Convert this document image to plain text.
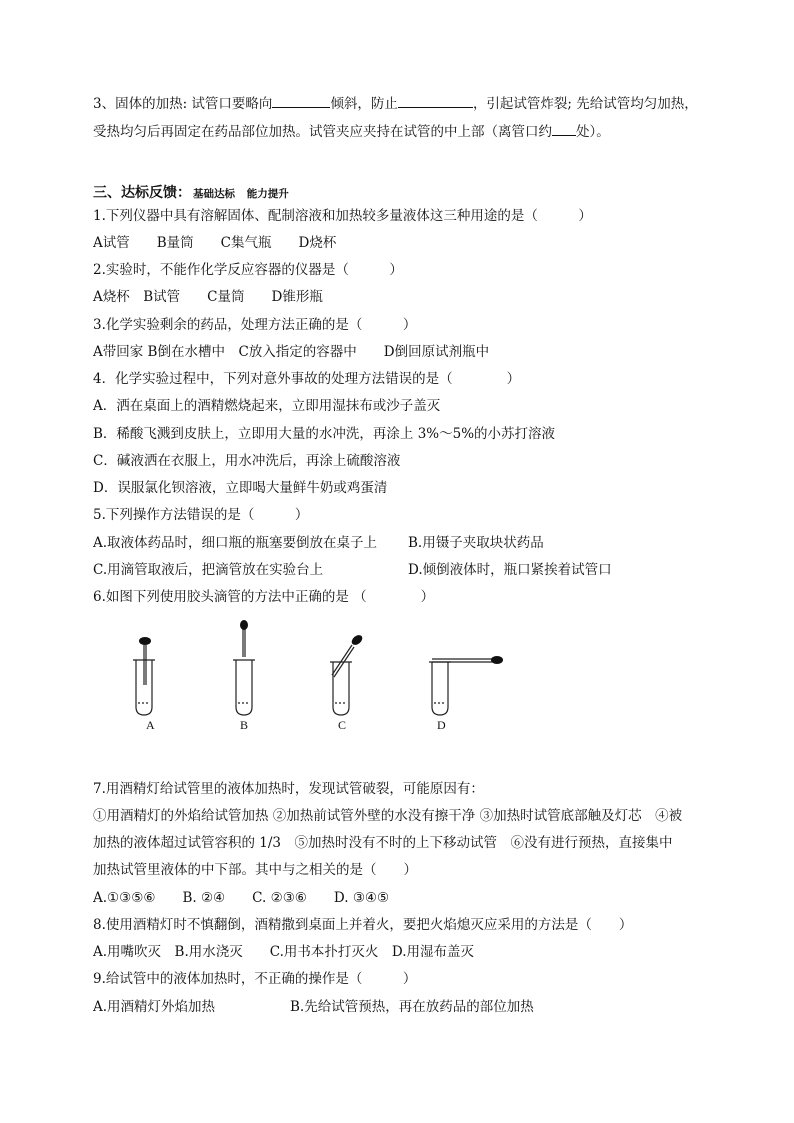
3、固体的加热: 试管口要略向	倾斜，防止	，引起试管炸裂; 先给试管均匀加热，
受热均匀后再固定在药品部位加热。试管夹应夹持在试管的中上部（离管口约 处）。
三、达标反馈： 基础达标 能力提升
1.下列仪器中具有溶解固体、配制溶液和加热较多量液体这三种用途的是（　　　）
A试管　　B量筒　　C集气瓶　　D烧杯
2.实验时，不能作化学反应容器的仪器是（　　　）
A烧杯　B试管　　C量筒　　D锥形瓶
3.化学实验剩余的药品，处理方法正确的是（　　　）
A带回家 B倒在水槽中　C放入指定的容器中　　D倒回原试剂瓶中
4．化学实验过程中，下列对意外事故的处理方法错误的是（　　　　）
A．洒在桌面上的酒精燃烧起来，立即用湿抹布或沙子盖灭
B．稀酸飞溅到皮肤上，立即用大量的水冲洗，再涂上 3%～5%的小苏打溶液
C．碱液洒在衣服上，用水冲洗后，再涂上硫酸溶液
D．误服氯化钡溶液，立即喝大量鲜牛奶或鸡蛋清
5.下列操作方法错误的是（　　　）
A.取液体药品时，细口瓶的瓶塞要倒放在桌子上 B.用镊子夹取块状药品
C.用滴管取液后，把滴管放在实验台上	D.倾倒液体时，瓶口紧挨着试管口
6.如图下列使用胶头滴管的方法中正确的是 （　　　　）
A	B	C	D
7.用酒精灯给试管里的液体加热时，发现试管破裂，可能原因有：
①用酒精灯的外焰给试管加热 ②加热前试管外壁的水没有擦干净 ③加热时试管底部触及灯芯　④被
加热的液体超过试管容积的 1/3　⑤加热时没有不时的上下移动试管　⑥没有进行预热，直接集中
加热试管里液体的中下部。其中与之相关的是（　　）
A.①③⑤⑥　　B. ②④　　C. ②③⑥　　D. ③④⑤
8.使用酒精灯时不慎翻倒，酒精撒到桌面上并着火，要把火焰熄灭应采用的方法是（　　）
A.用嘴吹灭　B.用水浇灭　　C.用书本扑打灭火　D.用湿布盖灭
9.给试管中的液体加热时，不正确的操作是（　　　）
A.用酒精灯外焰加热	B.先给试管预热，再在放药品的部位加热
